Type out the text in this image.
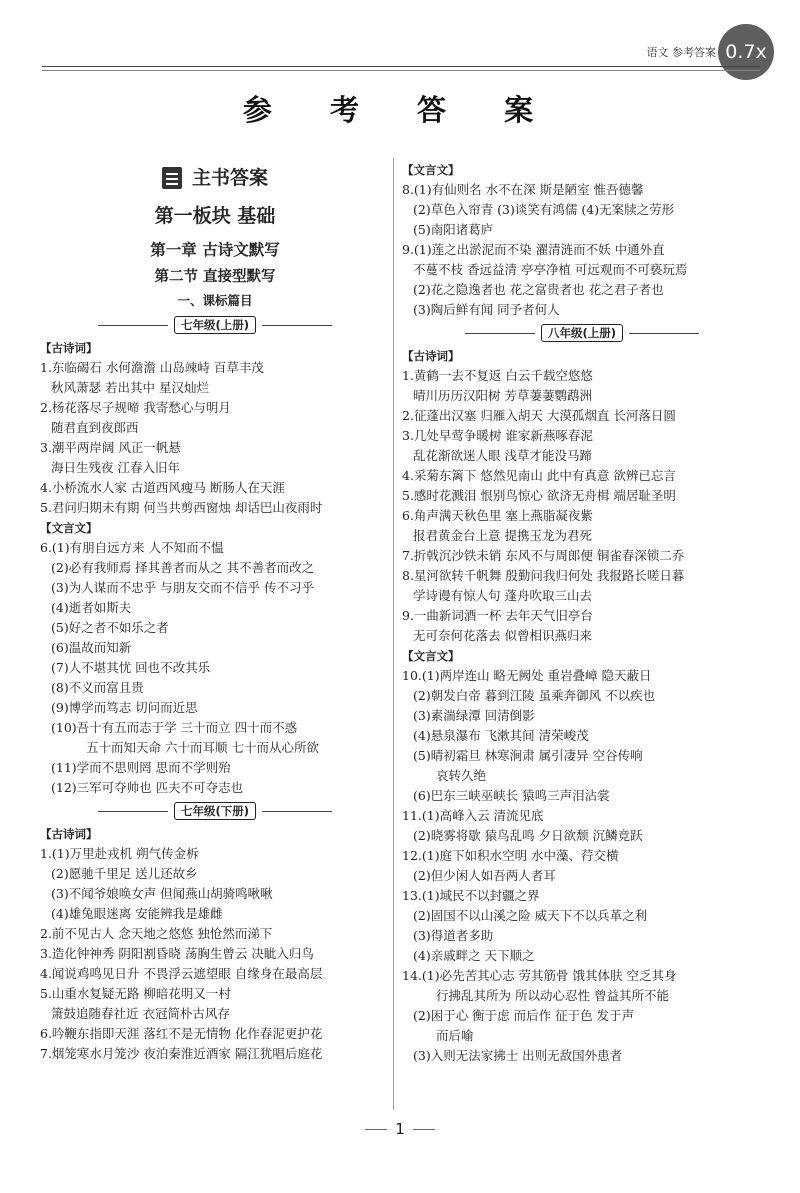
语文 参考答案 0.7x
参 考 答 案
主书答案
第一板块 基础
第一章 古诗文默写
第二节 直接型默写
一、课标篇目
七年级(上册)
【古诗词】
1.东临碣石 水何澹澹 山岛竦峙 百草丰茂
秋风萧瑟 若出其中 星汉灿烂
2.杨花落尽子规啼 我寄愁心与明月
随君直到夜郎西
3.潮平两岸阔 风正一帆悬
海日生残夜 江春入旧年
4.小桥流水人家 古道西风瘦马 断肠人在天涯
5.君问归期未有期 何当共剪西窗烛 却话巴山夜雨时
【文言文】
6.(1)有朋自远方来 人不知而不愠
(2)必有我师焉 择其善者而从之 其不善者而改之
(3)为人谋而不忠乎 与朋友交而不信乎 传不习乎
(4)逝者如斯夫
(5)好之者不如乐之者
(6)温故而知新
(7)人不堪其忧 回也不改其乐
(8)不义而富且贵
(9)博学而笃志 切问而近思
(10)吾十有五而志于学 三十而立 四十而不惑
五十而知天命 六十而耳顺 七十而从心所欲
(11)学而不思则罔 思而不学则殆
(12)三军可夺帅也 匹夫不可夺志也
七年级(下册)
【古诗词】
1.(1)万里赴戎机 朔气传金柝
(2)愿驰千里足 送儿还故乡
(3)不闻爷娘唤女声 但闻燕山胡骑鸣啾啾
(4)雄兔眼迷离 安能辨我是雄雌
2.前不见古人 念天地之悠悠 独怆然而涕下
3.造化钟神秀 阴阳割昏晓 荡胸生曾云 决眦入归鸟
4.闻说鸡鸣见日升 不畏浮云遮望眼 自缘身在最高层
5.山重水复疑无路 柳暗花明又一村
箫鼓追随春社近 衣冠简朴古风存
6.吟鞭东指即天涯 落红不是无情物 化作春泥更护花
7.烟笼寒水月笼沙 夜泊秦淮近酒家 隔江犹唱后庭花
【文言文】
8.(1)有仙则名 水不在深 斯是陋室 惟吾德馨
(2)草色入帘青 (3)谈笑有鸿儒 (4)无案牍之劳形
(5)南阳诸葛庐
9.(1)莲之出淤泥而不染 濯清涟而不妖 中通外直
不蔓不枝 香远益清 亭亭净植 可远观而不可亵玩焉
(2)花之隐逸者也 花之富贵者也 花之君子者也
(3)陶后鲜有闻 同予者何人
八年级(上册)
【古诗词】
1.黄鹤一去不复返 白云千载空悠悠
晴川历历汉阳树 芳草萋萋鹦鹉洲
2.征蓬出汉塞 归雁入胡天 大漠孤烟直 长河落日圆
3.几处早莺争暖树 谁家新燕啄春泥
乱花渐欲迷人眼 浅草才能没马蹄
4.采菊东篱下 悠然见南山 此中有真意 欲辨已忘言
5.感时花溅泪 恨别鸟惊心 欲济无舟楫 端居耻圣明
6.角声满天秋色里 塞上燕脂凝夜紫
报君黄金台上意 提携玉龙为君死
7.折戟沉沙铁未销 东风不与周郎便 铜雀春深锁二乔
8.星河欲转千帆舞 殷勤问我归何处 我报路长嗟日暮
学诗谩有惊人句 蓬舟吹取三山去
9.一曲新词酒一杯 去年天气旧亭台
无可奈何花落去 似曾相识燕归来
【文言文】
10.(1)两岸连山 略无阙处 重岩叠嶂 隐天蔽日
(2)朝发白帝 暮到江陵 虽乘奔御风 不以疾也
(3)素湍绿潭 回清倒影
(4)悬泉瀑布 飞漱其间 清荣峻茂
(5)晴初霜旦 林寒涧肃 属引凄异 空谷传响
哀转久绝
(6)巴东三峡巫峡长 猿鸣三声泪沾裳
11.(1)高峰入云 清流见底
(2)晓雾将歇 猿鸟乱鸣 夕日欲颓 沉鳞竞跃
12.(1)庭下如积水空明 水中藻、荇交横
(2)但少闲人如吾两人者耳
13.(1)域民不以封疆之界
(2)固国不以山溪之险 威天下不以兵革之利
(3)得道者多助
(4)亲戚畔之 天下顺之
14.(1)必先苦其心志 劳其筋骨 饿其体肤 空乏其身
行拂乱其所为 所以动心忍性 曾益其所不能
(2)困于心 衡于虑 而后作 征于色 发于声
而后喻
(3)入则无法家拂士 出则无敌国外患者
1
